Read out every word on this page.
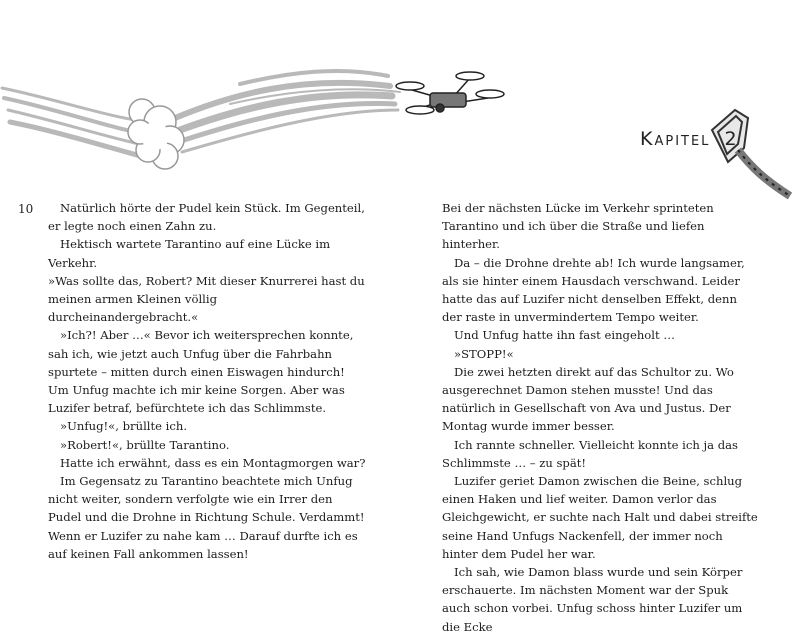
Kapitel 2
10	Natürlich hörte der Pudel kein Stück. Im Gegenteil, er legte noch einen Zahn zu.

Hektisch wartete Tarantino auf eine Lücke im Verkehr.

»Was sollte das, Robert? Mit dieser Knurrerei hast du meinen armen Kleinen völlig durcheinandergebracht.«

»Ich?! Aber …« Bevor ich weitersprechen konnte, sah ich, wie jetzt auch Unfug über die Fahrbahn spurtete – mitten durch einen Eiswagen hindurch! Um Unfug machte ich mir keine Sorgen. Aber was Luzifer betraf, befürchtete ich das Schlimmste.

»Unfug!«, brüllte ich.

»Robert!«, brüllte Tarantino.

Hatte ich erwähnt, dass es ein Montagmorgen war?

Im Gegensatz zu Tarantino beachtete mich Unfug nicht weiter, sondern verfolgte wie ein Irrer den Pudel und die Drohne in Richtung Schule. Verdammt! Wenn er Luzifer zu nahe kam … Darauf durfte ich es auf keinen Fall ankommen lassen!

Bei der nächsten Lücke im Verkehr sprinteten Tarantino und ich über die Straße und liefen hinterher.

Da – die Drohne drehte ab! Ich wurde langsamer, als sie hinter einem Hausdach verschwand. Leider hatte das auf Luzifer nicht denselben Effekt, denn der raste in unvermindertem Tempo weiter.

Und Unfug hatte ihn fast eingeholt …

»STOPP!«

Die zwei hetzten direkt auf das Schultor zu. Wo ausgerechnet Damon stehen musste! Und das natürlich in Gesellschaft von Ava und Justus. Der Montag wurde immer besser.

Ich rannte schneller. Vielleicht konnte ich ja das Schlimmste … – zu spät!

Luzifer geriet Damon zwischen die Beine, schlug einen Haken und lief weiter. Damon verlor das Gleichgewicht, er suchte nach Halt und dabei streifte seine Hand Unfugs Nackenfell, der immer noch hinter dem Pudel her war.

Ich sah, wie Damon blass wurde und sein Körper erschauerte. Im nächsten Moment war der Spuk auch schon vorbei. Unfug schoss hinter Luzifer um die Ecke
